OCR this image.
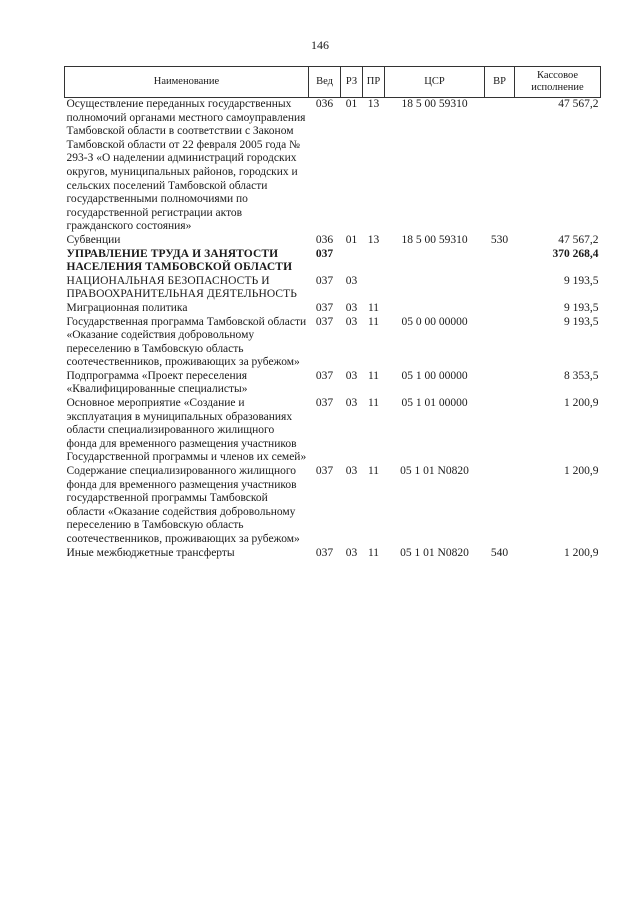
146
Наименование	Вед	РЗ	ПР	ЦСР	ВР	Кассовое исполнение
Осуществление переданных государственных полномочий органами местного самоуправления Тамбовской области в соответствии с Законом Тамбовской области от 22 февраля 2005 года № 293-З «О наделении администраций городских округов, муниципальных районов, городских и сельских поселений Тамбовской области государственными полномочиями по государственной регистрации актов гражданского состояния»	036	01	13	18 5 00 59310		47 567,2
Субвенции	036	01	13	18 5 00 59310	530	47 567,2
УПРАВЛЕНИЕ ТРУДА И ЗАНЯТОСТИ НАСЕЛЕНИЯ ТАМБОВСКОЙ ОБЛАСТИ	037					370 268,4
НАЦИОНАЛЬНАЯ БЕЗОПАСНОСТЬ И ПРАВООХРАНИТЕЛЬНАЯ ДЕЯТЕЛЬНОСТЬ	037	03				9 193,5
Миграционная политика	037	03	11			9 193,5
Государственная программа Тамбовской области «Оказание содействия добровольному переселению в Тамбовскую область соотечественников, проживающих за рубежом»	037	03	11	05 0 00 00000		9 193,5
Подпрограмма «Проект переселения «Квалифицированные специалисты»	037	03	11	05 1 00 00000		8 353,5
Основное мероприятие «Создание и эксплуатация в муниципальных образованиях области специализированного жилищного фонда для временного размещения участников Государственной программы и членов их семей»	037	03	11	05 1 01 00000		1 200,9
Содержание специализированного жилищного фонда для временного размещения участников государственной программы Тамбовской области «Оказание содействия добровольному переселению в Тамбовскую область соотечественников, проживающих за рубежом»	037	03	11	05 1 01 N0820		1 200,9
Иные межбюджетные трансферты	037	03	11	05 1 01 N0820	540	1 200,9
